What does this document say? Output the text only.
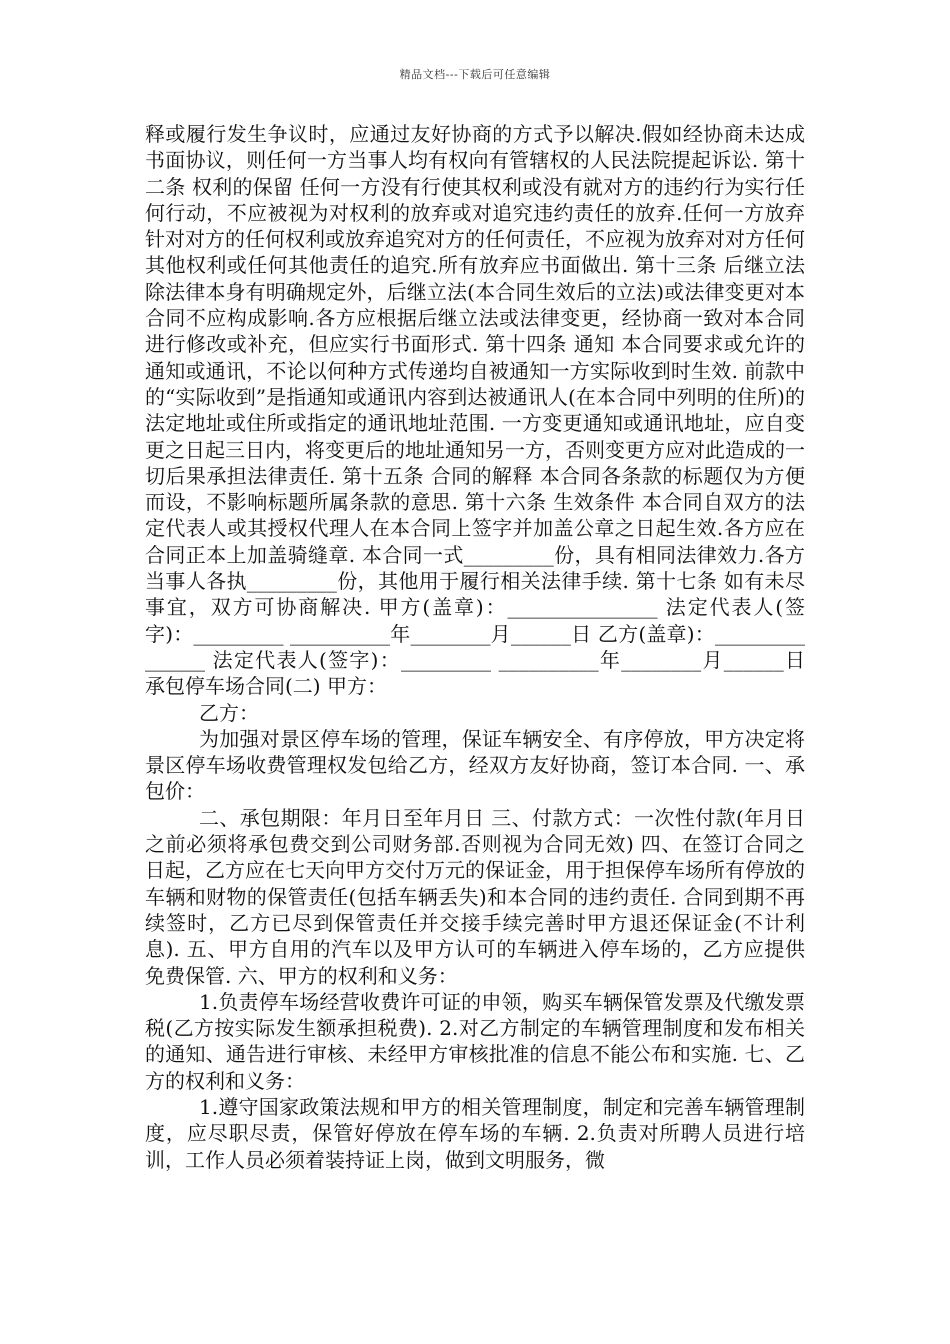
精品文档---下载后可任意编辑

释或履行发生争议时，应通过友好协商的方式予以解决.假如经协商未达成书面协议，则任何一方当事人均有权向有管辖权的人民法院提起诉讼. 第十二条 权利的保留 任何一方没有行使其权利或没有就对方的违约行为实行任何行动，不应被视为对权利的放弃或对追究违约责任的放弃.任何一方放弃针对对方的任何权利或放弃追究对方的任何责任，不应视为放弃对对方任何其他权利或任何其他责任的追究.所有放弃应书面做出. 第十三条 后继立法 除法律本身有明确规定外，后继立法(本合同生效后的立法)或法律变更对本合同不应构成影响.各方应根据后继立法或法律变更，经协商一致对本合同进行修改或补充，但应实行书面形式. 第十四条 通知 本合同要求或允许的通知或通讯，不论以何种方式传递均自被通知一方实际收到时生效. 前款中的“实际收到”是指通知或通讯内容到达被通讯人(在本合同中列明的住所)的法定地址或住所或指定的通讯地址范围. 一方变更通知或通讯地址，应自变更之日起三日内，将变更后的地址通知另一方，否则变更方应对此造成的一切后果承担法律责任. 第十五条 合同的解释 本合同各条款的标题仅为方便而设，不影响标题所属条款的意思. 第十六条 生效条件 本合同自双方的法定代表人或其授权代理人在本合同上签字并加盖公章之日起生效.各方应在合同正本上加盖骑缝章. 本合同一式_________份，具有相同法律效力.各方当事人各执_________份，其他用于履行相关法律手续. 第十七条 如有未尽事宜，双方可协商解决. 甲方(盖章)：_______________ 法定代表人(签字)：_________ __________年________月______日 乙方(盖章)：_______________ 法定代表人(签字)：_________ __________年________月______日 承包停车场合同(二) 甲方：

乙方：

为加强对景区停车场的管理，保证车辆安全、有序停放，甲方决定将景区停车场收费管理权发包给乙方，经双方友好协商，签订本合同. 一、承包价：

二、承包期限：年月日至年月日 三、付款方式：一次性付款(年月日之前必须将承包费交到公司财务部.否则视为合同无效) 四、在签订合同之日起，乙方应在七天向甲方交付万元的保证金，用于担保停车场所有停放的车辆和财物的保管责任(包括车辆丢失)和本合同的违约责任. 合同到期不再续签时，乙方已尽到保管责任并交接手续完善时甲方退还保证金(不计利息). 五、甲方自用的汽车以及甲方认可的车辆进入停车场的，乙方应提供免费保管. 六、甲方的权利和义务：

1.负责停车场经营收费许可证的申领，购买车辆保管发票及代缴发票税(乙方按实际发生额承担税费). 2.对乙方制定的车辆管理制度和发布相关的通知、通告进行审核、未经甲方审核批准的信息不能公布和实施. 七、乙方的权利和义务：

1.遵守国家政策法规和甲方的相关管理制度，制定和完善车辆管理制度，应尽职尽责，保管好停放在停车场的车辆. 2.负责对所聘人员进行培训，工作人员必须着装持证上岗，做到文明服务，微
